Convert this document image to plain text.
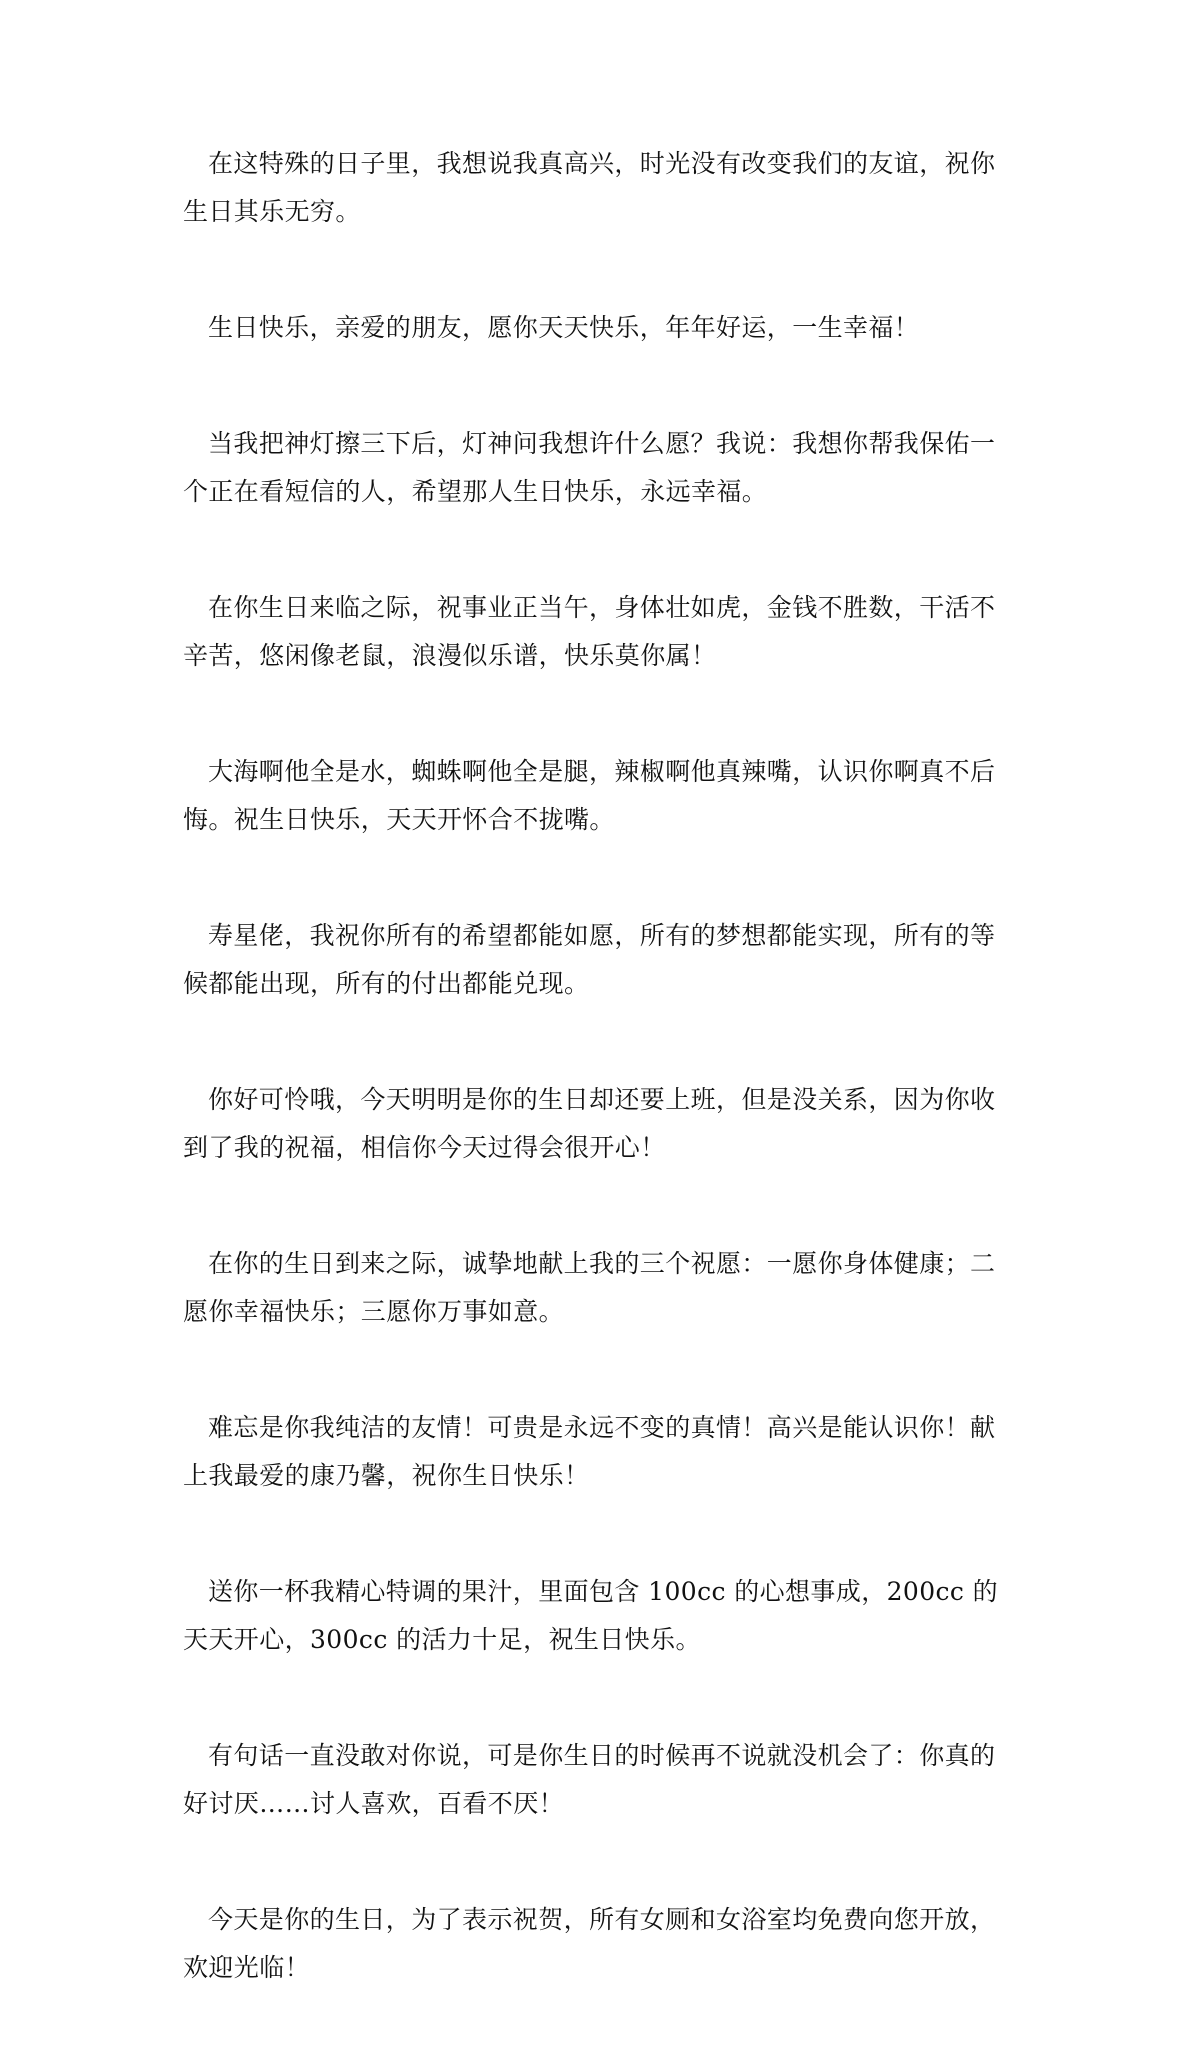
在这特殊的日子里，我想说我真高兴，时光没有改变我们的友谊，祝你生日其乐无穷。

生日快乐，亲爱的朋友，愿你天天快乐，年年好运，一生幸福！

当我把神灯擦三下后，灯神问我想许什么愿？我说：我想你帮我保佑一个正在看短信的人，希望那人生日快乐，永远幸福。

在你生日来临之际，祝事业正当午，身体壮如虎，金钱不胜数，干活不辛苦，悠闲像老鼠，浪漫似乐谱，快乐莫你属！

大海啊他全是水，蜘蛛啊他全是腿，辣椒啊他真辣嘴，认识你啊真不后悔。祝生日快乐，天天开怀合不拢嘴。

寿星佬，我祝你所有的希望都能如愿，所有的梦想都能实现，所有的等候都能出现，所有的付出都能兑现。

你好可怜哦，今天明明是你的生日却还要上班，但是没关系，因为你收到了我的祝福，相信你今天过得会很开心！

在你的生日到来之际，诚挚地献上我的三个祝愿：一愿你身体健康；二愿你幸福快乐；三愿你万事如意。

难忘是你我纯洁的友情！可贵是永远不变的真情！高兴是能认识你！献上我最爱的康乃馨，祝你生日快乐！

送你一杯我精心特调的果汁，里面包含 100cc 的心想事成，200cc 的天天开心，300cc 的活力十足，祝生日快乐。

有句话一直没敢对你说，可是你生日的时候再不说就没机会了：你真的好讨厌……讨人喜欢，百看不厌！

今天是你的生日，为了表示祝贺，所有女厕和女浴室均免费向您开放，欢迎光临！
